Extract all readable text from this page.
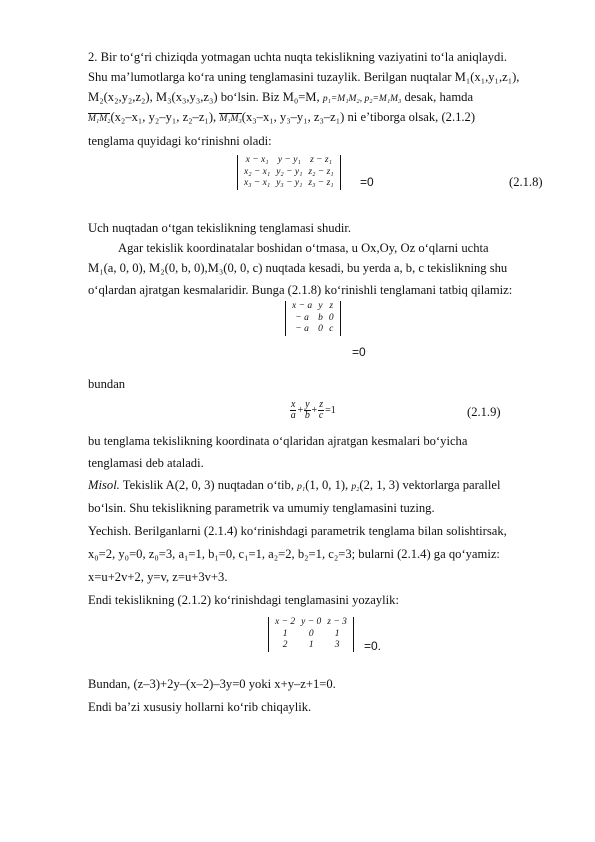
2. Bir to‘g‘ri chiziqda yotmagan uchta nuqta tekislikning vaziyatini to‘la aniqlaydi.
Shu ma’lumotlarga ko‘ra uning tenglamasini tuzaylik. Berilgan nuqtalar M₁(x₁,y₁,z₁),
M₂(x₂,y₂,z₂), M₃(x₃,y₃,z₃) bo‘lsin. Biz M₀=M, p₁=M₁M₂, p₂=M₁M₃ desak, hamda
M₁M₂(x₂–x₁, y₂–y₁, z₂–z₁), M₁M₃(x₃–x₁, y₃–y₁, z₃–z₁) ni e’tiborga olsak, (2.1.2)
tenglama quyidagi ko‘rinishni oladi:
x − x₁	y − y₁	z − z₁
x₂ − x₁	y₂ − y₁	z₂ − z₁
x₃ − x₁	y₃ − y₁	z₃ − z₁ =0	(2.1.8)
Uch nuqtadan o‘tgan tekislikning tenglamasi shudir.
Agar tekislik koordinatalar boshidan o‘tmasa, u Ox,Oy, Oz o‘qlarni uchta
M₁(a, 0, 0), M₂(0, b, 0),M₃(0, 0, c) nuqtada kesadi, bu yerda a, b, c tekislikning shu
o‘qlardan ajratgan kesmalaridir. Bunga (2.1.8) ko‘rinishli tenglamani tatbiq qilamiz:
x − a	y	z
− a	b	0
− a	0	c
=0
bundan
$\frac{x}{a} + \frac{y}{b} + \frac{z}{c} =1$	(2.1.9)
bu tenglama tekislikning koordinata o‘qlaridan ajratgan kesmalari bo‘yicha
tenglamasi deb ataladi.
Misol. Tekislik A(2, 0, 3) nuqtadan o‘tib, p₁(1, 0, 1), p₂(2, 1, 3) vektorlarga parallel
bo‘lsin. Shu tekislikning parametrik va umumiy tenglamasini tuzing.
Yechish. Berilganlarni (2.1.4) ko‘rinishdagi parametrik tenglama bilan solishtirsak,
x₀=2, y₀=0, z₀=3, a₁=1, b₁=0, c₁=1, a₂=2, b₂=1, c₂=3; bularni (2.1.4) ga qo‘yamiz:
x=u+2v+2, y=v, z=u+3v+3.
Endi tekislikning (2.1.2) ko‘rinishdagi tenglamasini yozaylik:
x − 2	y − 0	z − 3
1	0	1
2	1	3 =0.
Bundan, (z–3)+2y–(x–2)–3y=0 yoki x+y–z+1=0.
Endi ba’zi xususiy hollarni ko‘rib chiqaylik.
